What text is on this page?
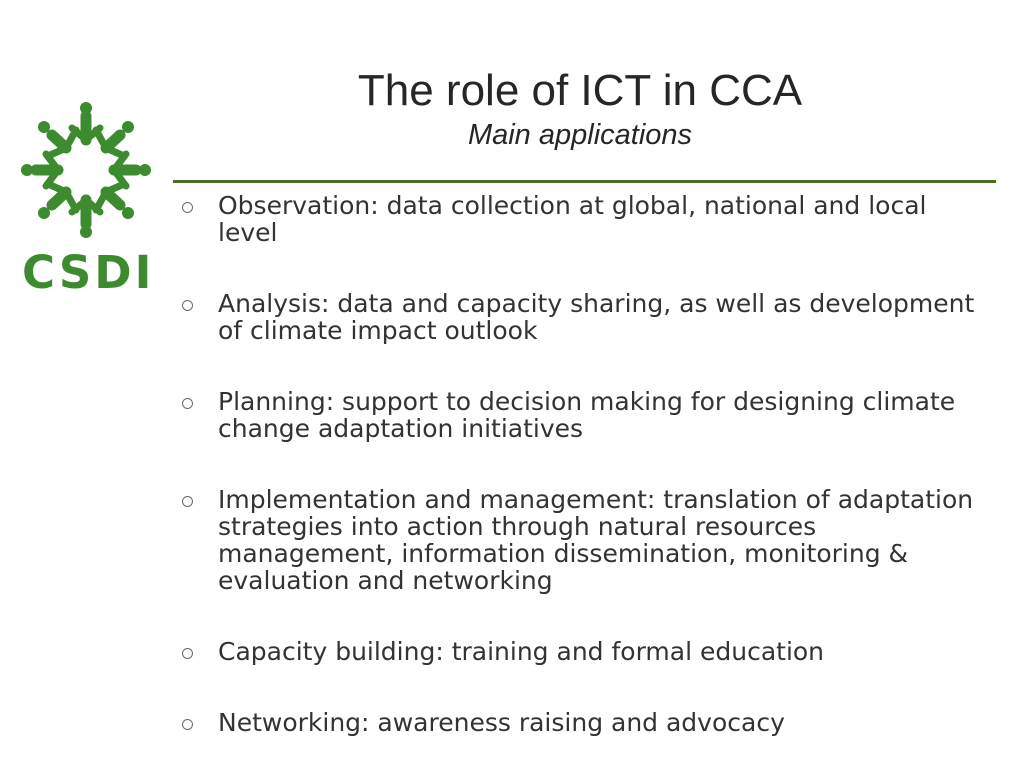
CSDI
The role of ICT in CCA
Main applications
Observation: data collection at global, national and local level
Analysis: data and capacity sharing, as well as development of climate impact outlook
Planning: support to decision making for designing climate change adaptation initiatives
Implementation and management: translation of adaptation strategies into action through natural resources management, information dissemination, monitoring & evaluation and networking
Capacity building: training and formal education
Networking: awareness raising and advocacy
